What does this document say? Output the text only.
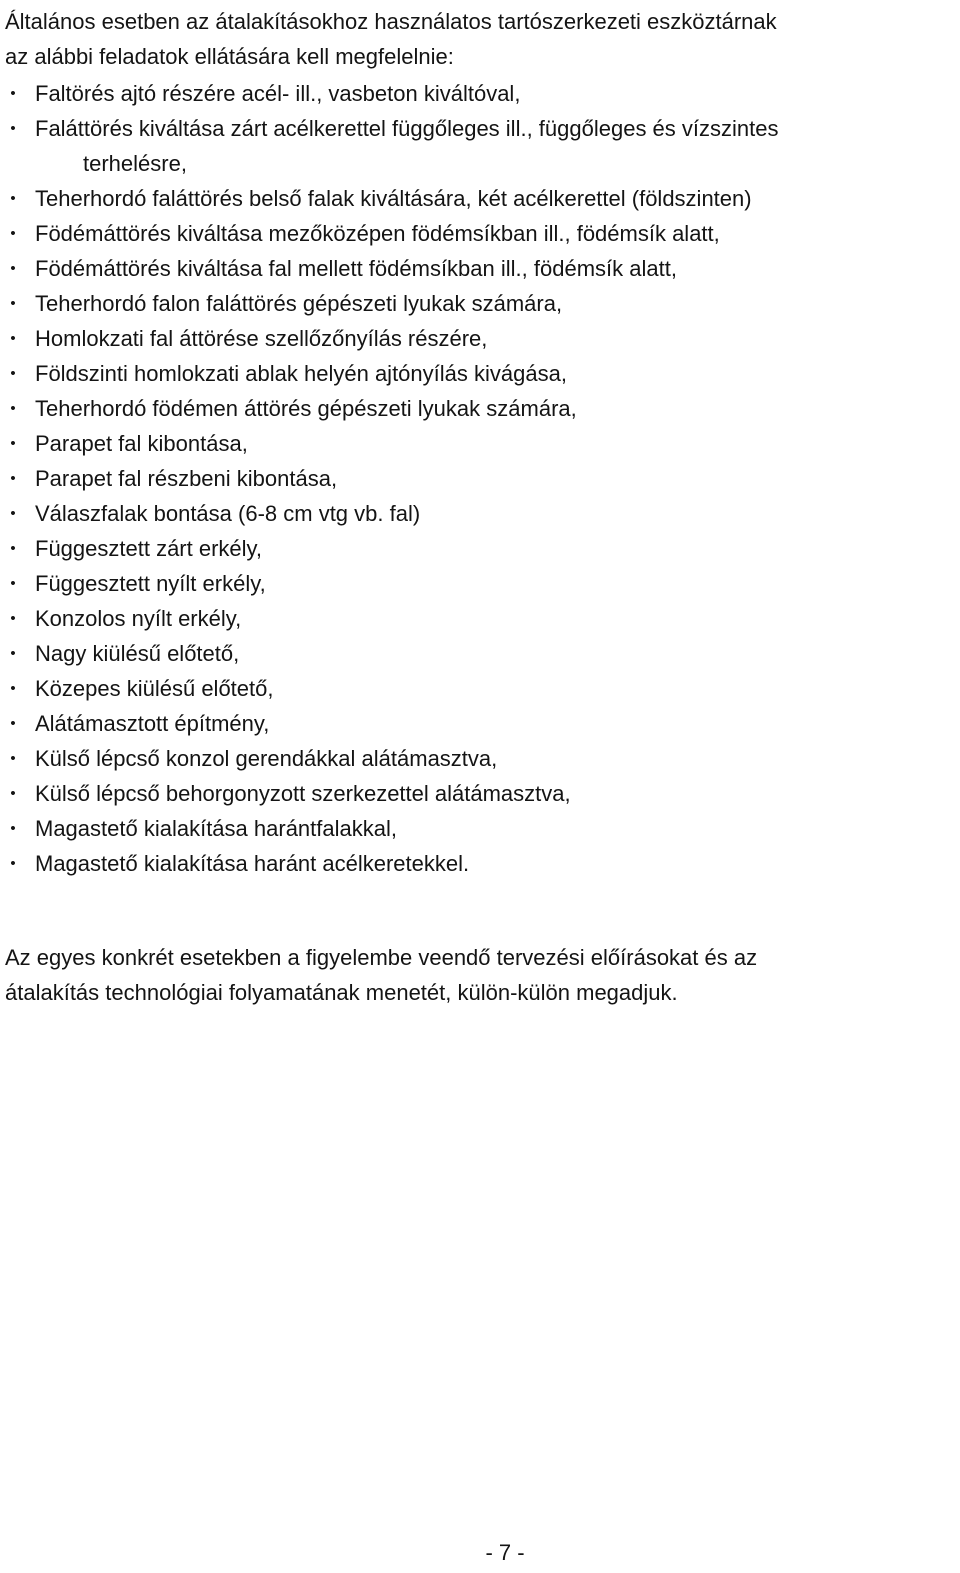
Általános esetben az átalakításokhoz használatos tartószerkezeti eszköztárnak
az alábbi feladatok ellátására kell megfelelnie:

• Faltörés ajtó részére acél- ill., vasbeton kiváltóval,
• Faláttörés kiváltása zárt acélkerettel függőleges ill., függőleges és vízszintes
terhelésre,
• Teherhordó faláttörés belső falak kiváltására, két acélkerettel (földszinten)
• Födémáttörés kiváltása mezőközépen födémsíkban ill., födémsík alatt,
• Födémáttörés kiváltása fal mellett födémsíkban ill., födémsík alatt,
• Teherhordó falon faláttörés gépészeti lyukak számára,
• Homlokzati fal áttörése szellőzőnyílás részére,
• Földszinti homlokzati ablak helyén ajtónyílás kivágása,
• Teherhordó födémen áttörés gépészeti lyukak számára,
• Parapet fal kibontása,
• Parapet fal részbeni kibontása,
• Válaszfalak bontása (6-8 cm vtg vb. fal)
• Függesztett zárt erkély,
• Függesztett nyílt erkély,
• Konzolos nyílt erkély,
• Nagy kiülésű előtető,
• Közepes kiülésű előtető,
• Alátámasztott építmény,
• Külső lépcső konzol gerendákkal alátámasztva,
• Külső lépcső behorgonyzott szerkezettel alátámasztva,
• Magastető kialakítása harántfalakkal,
• Magastető kialakítása haránt acélkeretekkel.

Az egyes konkrét esetekben a figyelembe veendő tervezési előírásokat és az
átalakítás technológiai folyamatának menetét, külön-külön megadjuk.

- 7 -
